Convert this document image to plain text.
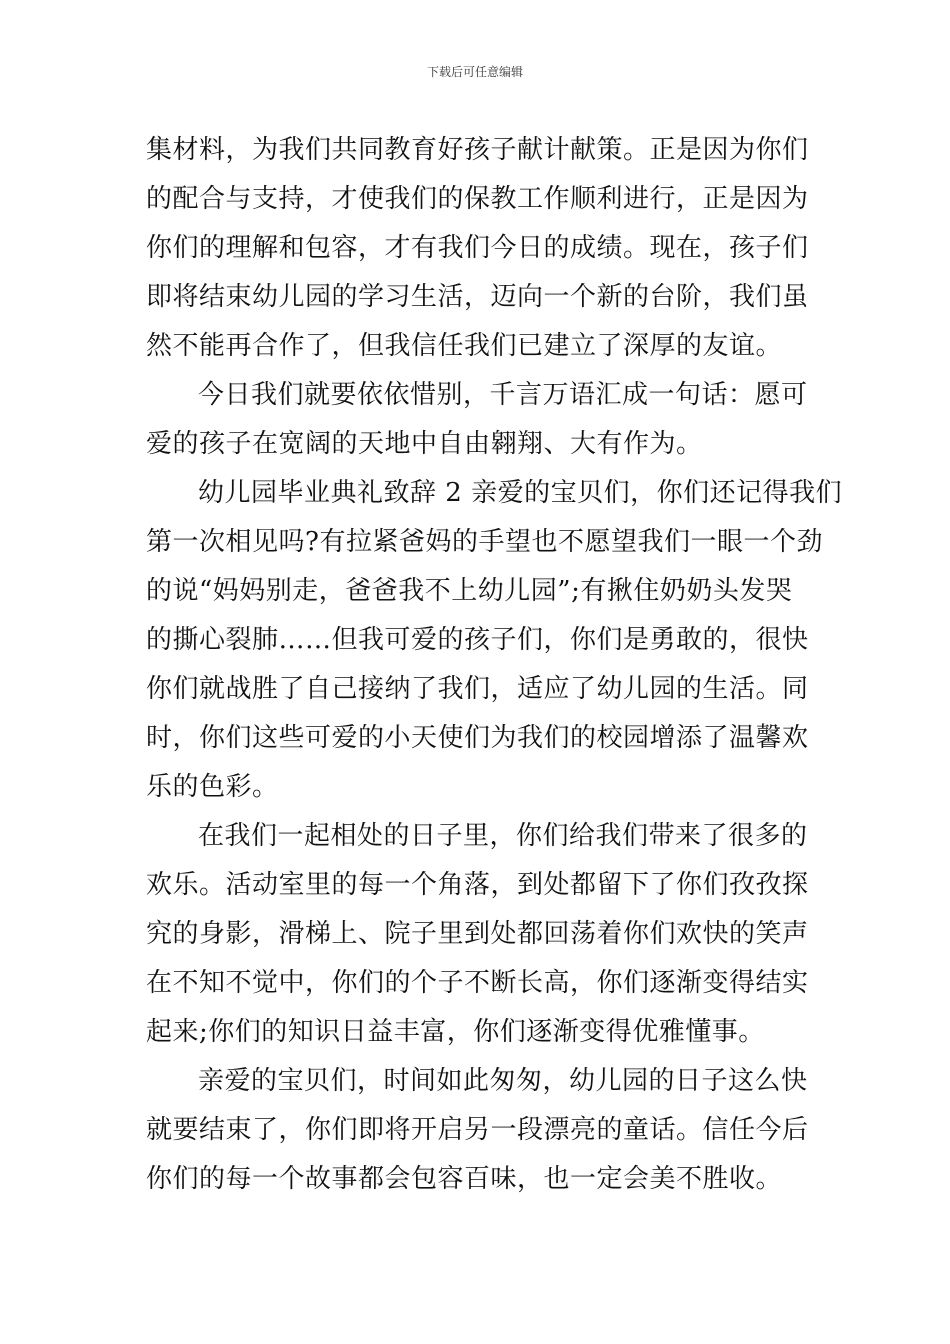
下载后可任意编辑
集材料，为我们共同教育好孩子献计献策。正是因为你们
的配合与支持，才使我们的保教工作顺利进行，正是因为
你们的理解和包容，才有我们今日的成绩。现在，孩子们
即将结束幼儿园的学习生活，迈向一个新的台阶，我们虽
然不能再合作了，但我信任我们已建立了深厚的友谊。
今日我们就要依依惜别，千言万语汇成一句话：愿可
爱的孩子在宽阔的天地中自由翱翔、大有作为。
幼儿园毕业典礼致辞 2 亲爱的宝贝们，你们还记得我们
第一次相见吗?有拉紧爸妈的手望也不愿望我们一眼一个劲
的说“妈妈别走，爸爸我不上幼儿园”;有揪住奶奶头发哭
的撕心裂肺……但我可爱的孩子们，你们是勇敢的，很快
你们就战胜了自己接纳了我们，适应了幼儿园的生活。同
时，你们这些可爱的小天使们为我们的校园增添了温馨欢
乐的色彩。
在我们一起相处的日子里，你们给我们带来了很多的
欢乐。活动室里的每一个角落，到处都留下了你们孜孜探
究的身影，滑梯上、院子里到处都回荡着你们欢快的笑声
在不知不觉中，你们的个子不断长高，你们逐渐变得结实
起来;你们的知识日益丰富，你们逐渐变得优雅懂事。
亲爱的宝贝们，时间如此匆匆，幼儿园的日子这么快
就要结束了，你们即将开启另一段漂亮的童话。信任今后
你们的每一个故事都会包容百味，也一定会美不胜收。
